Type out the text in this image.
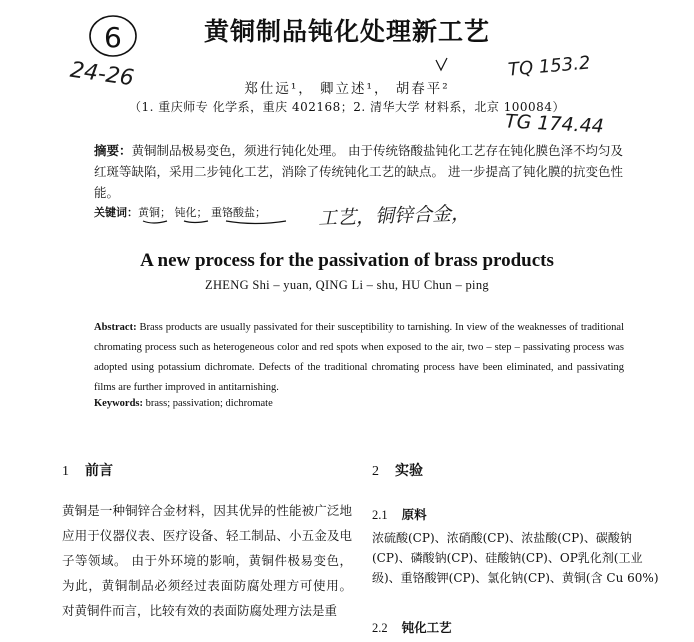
6	黄铜制品钝化处理新工艺
郑仕远¹， 卿立述¹， 胡春平²
（1. 重庆师专 化学系，重庆 402168；2. 清华大学 材料系，北京 100084）
摘要：黄铜制品极易变色，须进行钝化处理。 由于传统铬酸盐钝化工艺存在钝化膜色泽不均匀及红斑等缺陷，采用二步钝化工艺，消除了传统钝化工艺的缺点。 进一步提高了钝化膜的抗变色性能。
关键词：黄铜； 钝化； 重铬酸盐；
A new process for the passivation of brass products
ZHENG Shi – yuan, QING Li – shu, HU Chun – ping
Abstract: Brass products are usually passivated for their susceptibility to tarnishing. In view of the weaknesses of traditional chromating process such as heterogeneous color and red spots when exposed to the air, two – step – passivating process was adopted using potassium dichromate. Defects of the traditional chromating process have been eliminated, and passivating films are further improved in antitarnishing.
Keywords: brass; passivation; dichromate
1 前言
黄铜是一种铜锌合金材料，因其优异的性能被广泛地应用于仪器仪表、医疗设备、轻工制品、小五金及电子等领域。 由于外环境的影响，黄铜件极易变色，为此，黄铜制品必须经过表面防腐处理方可使用。 对黄铜件而言，比较有效的表面防腐处理方法是重
2 实验
2.1 原料
浓硫酸(CP)、浓硝酸(CP)、浓盐酸(CP)、碳酸钠(CP)、磷酸钠(CP)、硅酸钠(CP)、OP乳化剂(工业级)、重铬酸钾(CP)、氯化钠(CP)、黄铜(含 Cu 60%)
2.2 钝化工艺
24-26	TQ 153.2
TG 174.44
工艺，铜锌合金，
